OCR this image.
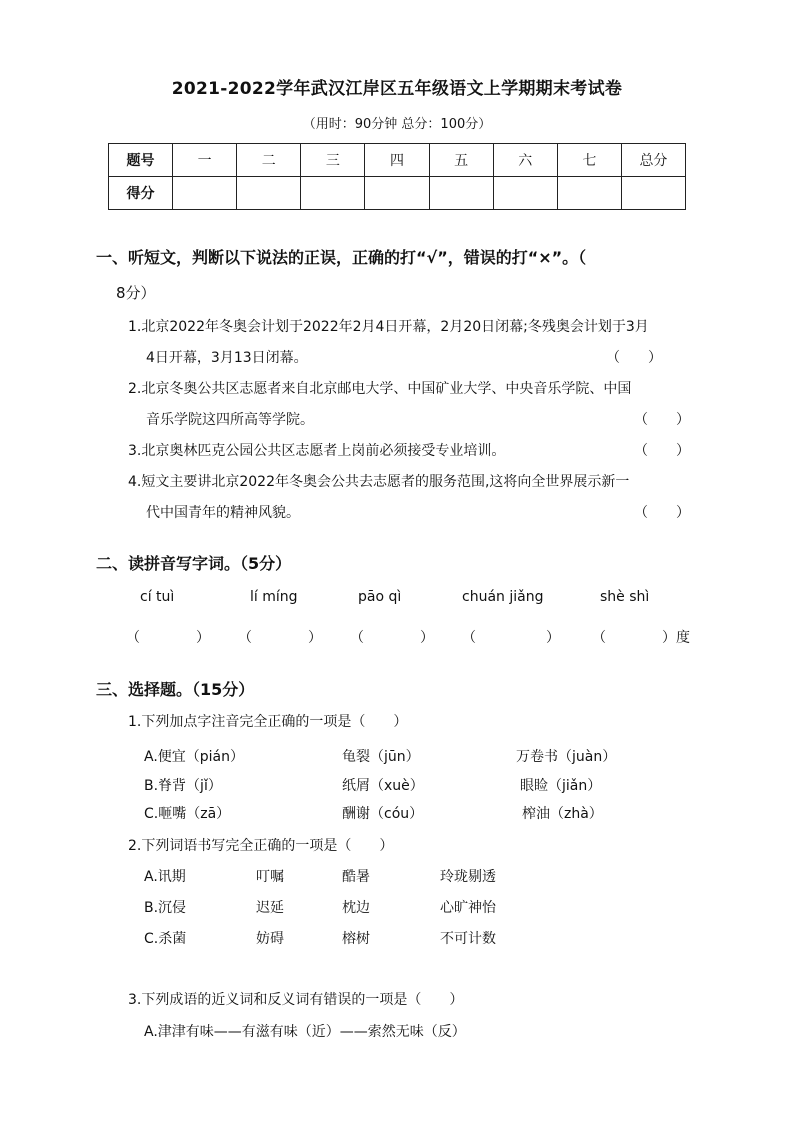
2021-2022学年武汉江岸区五年级语文上学期期末考试卷
（用时：90分钟 总分：100分）
题号	一	二	三	四	五	六	七	总分
得分								
一、听短文，判断以下说法的正误，正确的打“√”，错误的打“×”。（
8分）
1.北京2022年冬奥会计划于2022年2月4日开幕，2月20日闭幕;冬残奥会计划于3月
4日开幕，3月13日闭幕。	（　　）
2.北京冬奥公共区志愿者来自北京邮电大学、中国矿业大学、中央音乐学院、中国
音乐学院这四所高等学院。	（　　）
3.北京奥林匹克公园公共区志愿者上岗前必须接受专业培训。	（　　）
4.短文主要讲北京2022年冬奥会公共去志愿者的服务范围,这将向全世界展示新一
代中国青年的精神风貌。	（　　）
二、读拼音写字词。（5分）
cí tuì	lí míng	pāo qì	chuán jiǎng	shè shì
（　　　　） （　　　　） （　　　　） （　　　　　） （　　　　）度
三、选择题。（15分）
1.下列加点字注音完全正确的一项是（　　）
A.便宜（pián）	龟裂（jūn）	万卷书（juàn）
B.脊背（jǐ）	纸屑（xuè）	眼睑（jiǎn）
C.咂嘴（zā）	酬谢（cóu）	榨油（zhà）
2.下列词语书写完全正确的一项是（　　）
A.讯期	叮嘱	酷暑	玲珑剔透
B.沉侵	迟延	枕边	心旷神怡
C.杀菌	妨碍	榕树	不可计数
3.下列成语的近义词和反义词有错误的一项是（　　）
A.津津有味——有滋有味（近）——索然无味（反）
